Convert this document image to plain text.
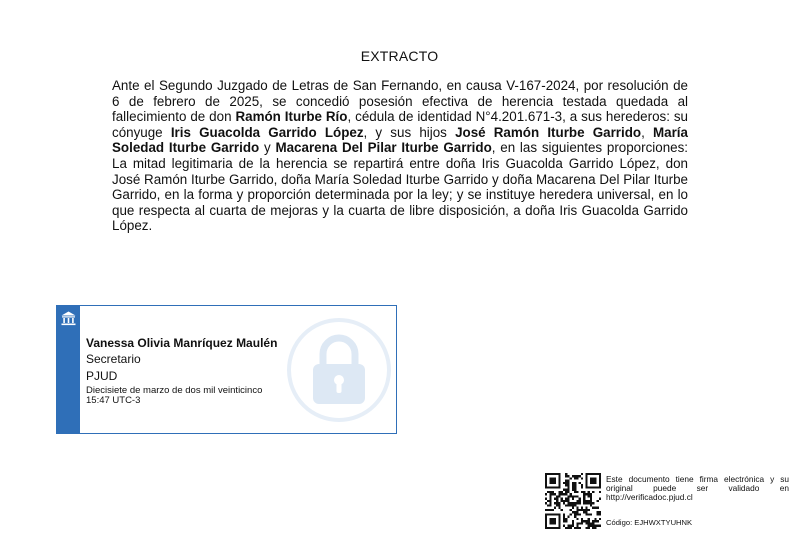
EXTRACTO
Ante el Segundo Juzgado de Letras de San Fernando, en causa V-167-2024, por resolución de 6 de febrero de 2025, se concedió posesión efectiva de herencia testada quedada al fallecimiento de don Ramón Iturbe Río, cédula de identidad N°4.201.671-3, a sus herederos: su cónyuge Iris Guacolda Garrido López, y sus hijos José Ramón Iturbe Garrido, María Soledad Iturbe Garrido y Macarena Del Pilar Iturbe Garrido, en las siguientes proporciones: La mitad legitimaria de la herencia se repartirá entre doña Iris Guacolda Garrido López, don José Ramón Iturbe Garrido, doña María Soledad Iturbe Garrido y doña Macarena Del Pilar Iturbe Garrido, en la forma y proporción determinada por la ley; y se instituye heredera universal, en lo que respecta al cuarta de mejoras y la cuarta de libre disposición, a doña Iris Guacolda Garrido López.
Vanessa Olivia Manríquez Maulén
Secretario
PJUD
Diecisiete de marzo de dos mil veinticinco
15:47 UTC-3
Este documento tiene firma electrónica y su original puede ser validado en http://verificadoc.pjud.cl
Código: EJHWXTYUHNK
